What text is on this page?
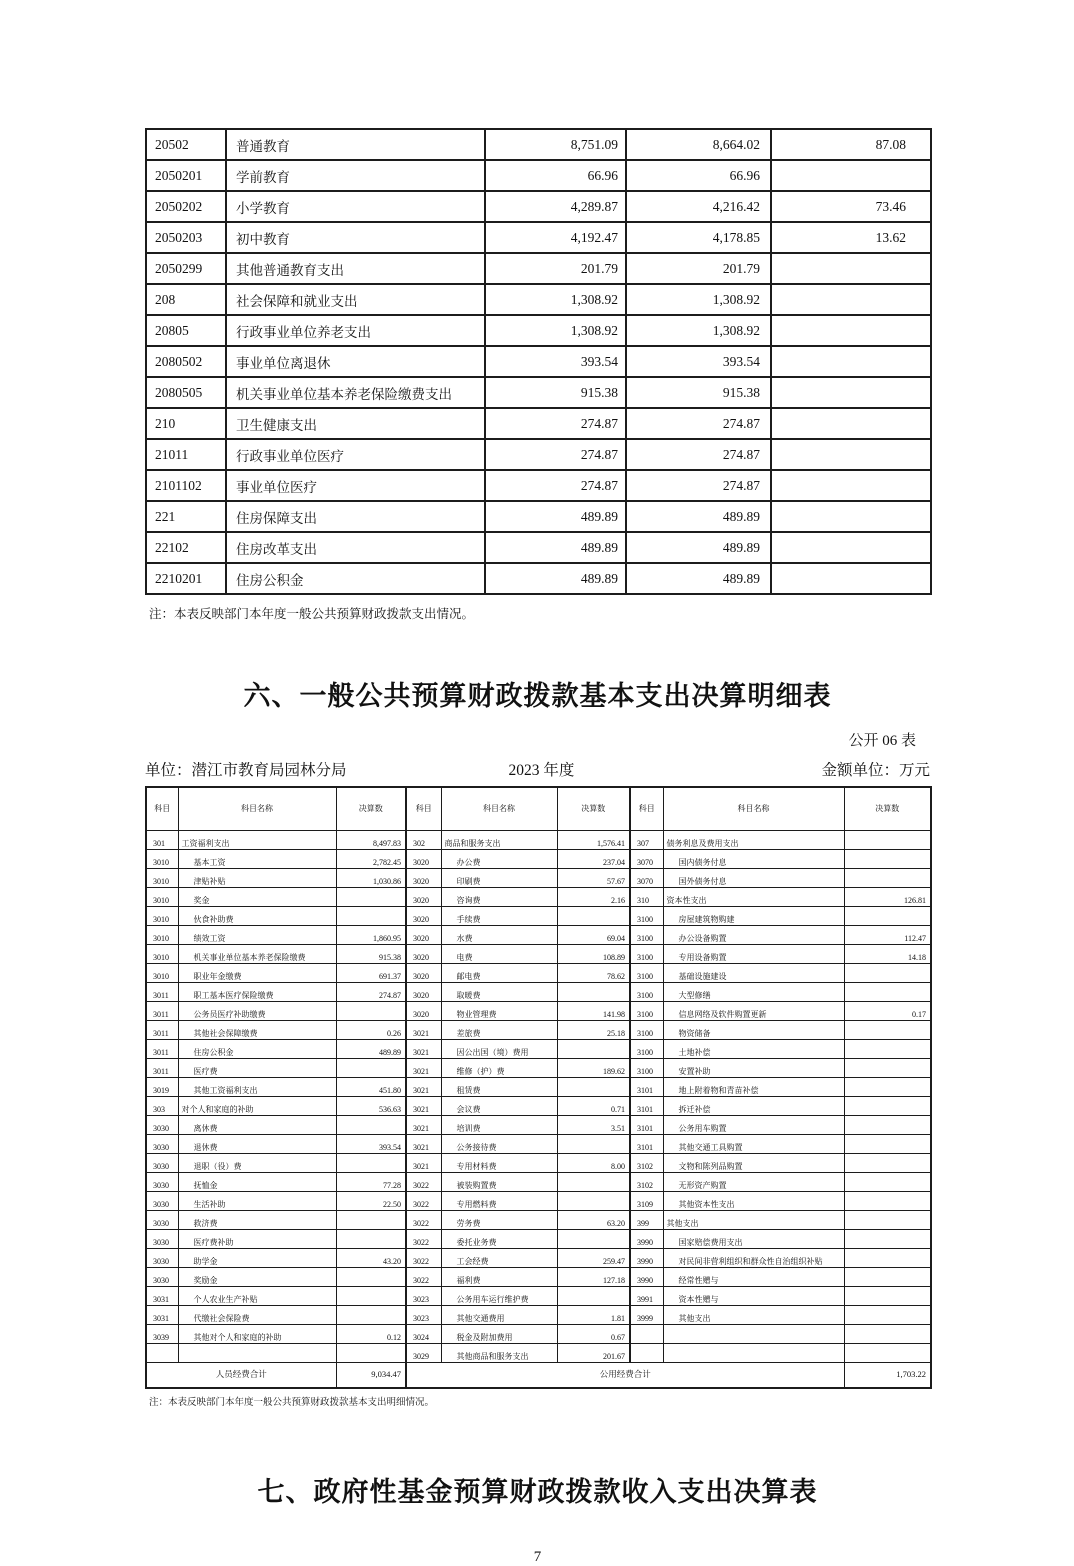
20502	普通教育	8,751.09	8,664.02	87.08
2050201	学前教育	66.96	66.96	
2050202	小学教育	4,289.87	4,216.42	73.46
2050203	初中教育	4,192.47	4,178.85	13.62
2050299	其他普通教育支出	201.79	201.79	
208	社会保障和就业支出	1,308.92	1,308.92	
20805	行政事业单位养老支出	1,308.92	1,308.92	
2080502	事业单位离退休	393.54	393.54	
2080505	机关事业单位基本养老保险缴费支出	915.38	915.38	
210	卫生健康支出	274.87	274.87	
21011	行政事业单位医疗	274.87	274.87	
2101102	事业单位医疗	274.87	274.87	
221	住房保障支出	489.89	489.89	
22102	住房改革支出	489.89	489.89	
2210201	住房公积金	489.89	489.89	

注：本表反映部门本年度一般公共预算财政拨款支出情况。

六、一般公共预算财政拨款基本支出决算明细表
公开 06 表
单位：潜江市教育局园林分局	2023 年度	金额单位：万元
科目	科目名称	决算数	科目	科目名称	决算数	科目	科目名称	决算数
301	工资福利支出	8,497.83	302	商品和服务支出	1,576.41	307	债务利息及费用支出	
3010	基本工资	2,782.45	3020	办公费	237.04	3070	国内债务付息	
3010	津贴补贴	1,030.86	3020	印刷费	57.67	3070	国外债务付息	
3010	奖金		3020	咨询费	2.16	310	资本性支出	126.81
3010	伙食补助费		3020	手续费		3100	房屋建筑物购建	
3010	绩效工资	1,860.95	3020	水费	69.04	3100	办公设备购置	112.47
3010	机关事业单位基本养老保险缴费	915.38	3020	电费	108.89	3100	专用设备购置	14.18
3010	职业年金缴费	691.37	3020	邮电费	78.62	3100	基础设施建设	
3011	职工基本医疗保险缴费	274.87	3020	取暖费		3100	大型修缮	
3011	公务员医疗补助缴费		3020	物业管理费	141.98	3100	信息网络及软件购置更新	0.17
3011	其他社会保障缴费	0.26	3021	差旅费	25.18	3100	物资储备	
3011	住房公积金	489.89	3021	因公出国（境）费用		3100	土地补偿	
3011	医疗费		3021	维修（护）费	189.62	3100	安置补助	
3019	其他工资福利支出	451.80	3021	租赁费		3101	地上附着物和青苗补偿	
303	对个人和家庭的补助	536.63	3021	会议费	0.71	3101	拆迁补偿	
3030	离休费		3021	培训费	3.51	3101	公务用车购置	
3030	退休费	393.54	3021	公务接待费		3101	其他交通工具购置	
3030	退职（役）费		3021	专用材料费	8.00	3102	文物和陈列品购置	
3030	抚恤金	77.28	3022	被装购置费		3102	无形资产购置	
3030	生活补助	22.50	3022	专用燃料费		3109	其他资本性支出	
3030	救济费		3022	劳务费	63.20	399	其他支出	
3030	医疗费补助		3022	委托业务费		3990	国家赔偿费用支出	
3030	助学金	43.20	3022	工会经费	259.47	3990	对民间非营利组织和群众性自治组织补贴	
3030	奖励金		3022	福利费	127.18	3990	经常性赠与	
3031	个人农业生产补贴		3023	公务用车运行维护费		3991	资本性赠与	
3031	代缴社会保险费		3023	其他交通费用	1.81	3999	其他支出	
3039	其他对个人和家庭的补助	0.12	3024	税金及附加费用	0.67			
			3029	其他商品和服务支出	201.67			
人员经费合计		9,034.47	公用经费合计					1,703.22

注：本表反映部门本年度一般公共预算财政拨款基本支出明细情况。

七、政府性基金预算财政拨款收入支出决算表
7
